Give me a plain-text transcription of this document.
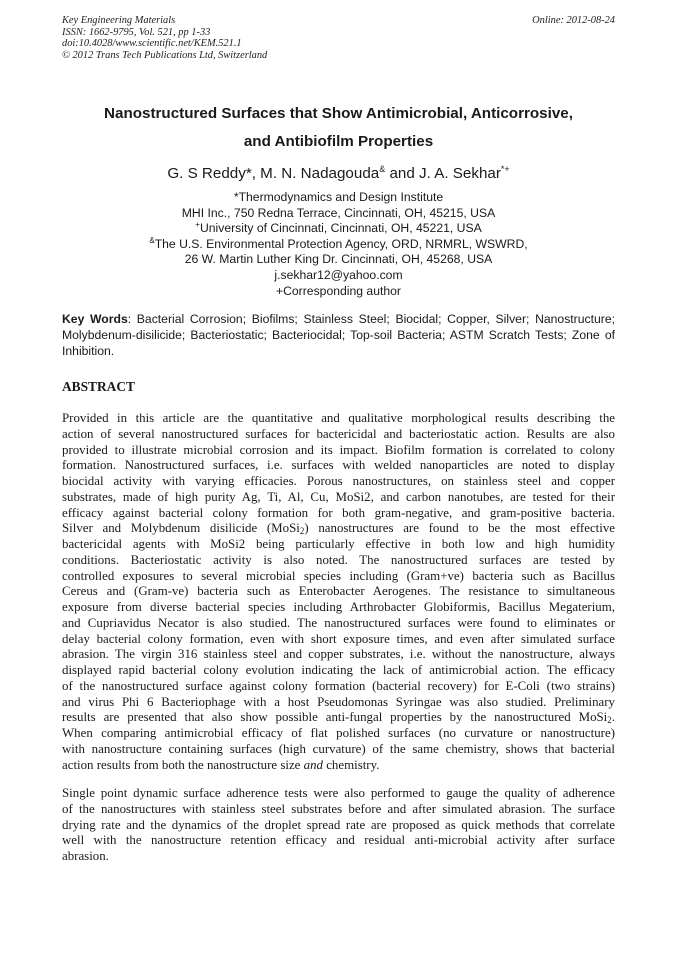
Key Engineering Materials
ISSN: 1662-9795, Vol. 521, pp 1-33
doi:10.4028/www.scientific.net/KEM.521.1
© 2012 Trans Tech Publications Ltd, Switzerland
Online: 2012-08-24
Nanostructured Surfaces that Show Antimicrobial, Anticorrosive,
and Antibiofilm Properties
G. S Reddy*, M. N. Nadagouda& and J. A. Sekhar*+
*Thermodynamics and Design Institute
MHI Inc., 750 Redna Terrace, Cincinnati, OH, 45215, USA
+University of Cincinnati, Cincinnati, OH, 45221, USA
&The U.S. Environmental Protection Agency, ORD, NRMRL, WSWRD,
26 W. Martin Luther King Dr. Cincinnati, OH, 45268, USA
j.sekhar12@yahoo.com
+Corresponding author
Key Words: Bacterial Corrosion; Biofilms; Stainless Steel; Biocidal; Copper, Silver; Nanostructure; Molybdenum-disilicide; Bacteriostatic; Bacteriocidal; Top-soil Bacteria; ASTM Scratch Tests; Zone of Inhibition.
ABSTRACT
Provided in this article are the quantitative and qualitative morphological results describing the
action of several nanostructured surfaces for bactericidal and bacteriostatic action. Results are also
provided to illustrate microbial corrosion and its impact. Biofilm formation is correlated to colony
formation. Nanostructured surfaces, i.e. surfaces with welded nanoparticles are noted to display
biocidal activity with varying efficacies. Porous nanostructures, on stainless steel and copper
substrates, made of high purity Ag, Ti, Al, Cu, MoSi2, and carbon nanotubes, are tested for their
efficacy against bacterial colony formation for both gram-negative, and gram-positive bacteria.
Silver and Molybdenum disilicide (MoSi$_2$) nanostructures are found to be the most effective
bactericidal agents with MoSi2 being particularly effective in both low and high humidity
conditions. Bacteriostatic activity is also noted. The nanostructured surfaces are tested by
controlled exposures to several microbial species including (Gram+ve) bacteria such as Bacillus
Cereus and (Gram-ve) bacteria such as Enterobacter Aerogenes. The resistance to simultaneous
exposure from diverse bacterial species including Arthrobacter Globiformis, Bacillus Megaterium,
and Cupriavidus Necator is also studied. The nanostructured surfaces were found to eliminates or
delay bacterial colony formation, even with short exposure times, and even after simulated surface
abrasion. The virgin 316 stainless steel and copper substrates, i.e. without the nanostructure, always
displayed rapid bacterial colony evolution indicating the lack of antimicrobial action. The efficacy
of the nanostructured surface against colony formation (bacterial recovery) for E-Coli (two strains)
and virus Phi 6 Bacteriophage with a host Pseudomonas Syringae was also studied. Preliminary
results are presented that also show possible anti-fungal properties by the nanostructured MoSi$_2$.
When comparing antimicrobial efficacy of flat polished surfaces (no curvature or nanostructure)
with nanostructure containing surfaces (high curvature) of the same chemistry, shows that bacterial
action results from both the nanostructure size and chemistry.
Single point dynamic surface adherence tests were also performed to gauge the quality of adherence
of the nanostructures with stainless steel substrates before and after simulated abrasion. The surface
drying rate and the dynamics of the droplet spread rate are proposed as quick methods that correlate
well with the nanostructure retention efficacy and residual anti-microbial activity after surface
abrasion.
